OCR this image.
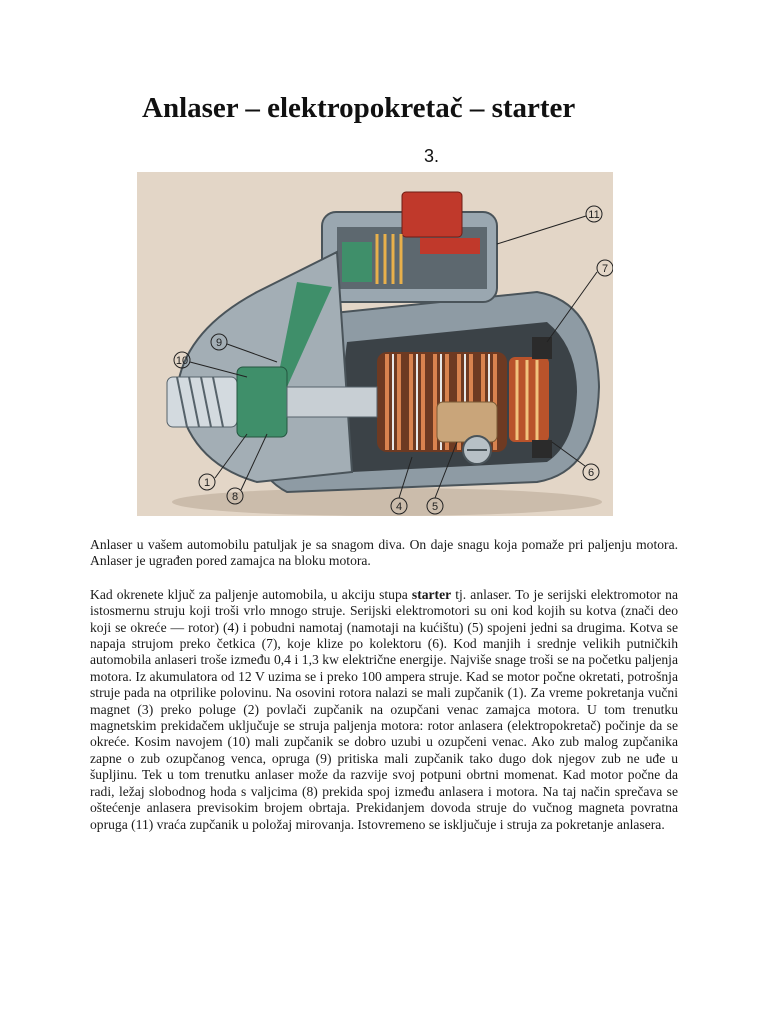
Anlaser – elektropokretač – starter
3.
11
7
9
10
1
8
4	5
6

Anlaser u vašem automobilu patuljak je sa snagom diva. On daje snagu koja pomaže pri paljenju motora. Anlaser je ugrađen pored zamajca na bloku motora.

Kad okrenete ključ za paljenje automobila, u akciju stupa starter tj. anlaser. To je serijski elektromotor na istosmernu struju koji troši vrlo mnogo struje. Serijski elektromotori su oni kod kojih su kotva (znači deo koji se okreće — rotor) (4) i pobudni namotaj (namotaji na kućištu) (5) spojeni jedni sa drugima. Kotva se napaja strujom preko četkica (7), koje klize po kolektoru (6). Kod manjih i srednje velikih putničkih automobila anlaseri troše između 0,4 i 1,3 kw električne energije. Najviše snage troši se na početku paljenja motora. Iz akumulatora od 12 V uzima se i preko 100 ampera struje. Kad se motor počne okretati, potrošnja struje pada na otprilike polovinu. Na osovini rotora nalazi se mali zupčanik (1). Za vreme pokretanja vučni magnet (3) preko poluge (2) povlači zupčanik na ozupčani venac zamajca motora. U tom trenutku magnetskim prekidačem uključuje se struja paljenja motora: rotor anlasera (elektropokretač) počinje da se okreće. Kosim navojem (10) mali zupčanik se dobro uzubi u ozupčeni venac. Ako zub malog zupčanika zapne o zub ozupčanog venca, opruga (9) pritiska mali zupčanik tako dugo dok njegov zub ne uđe u šupljinu. Tek u tom trenutku anlaser može da razvije svoj potpuni obrtni momenat. Kad motor počne da radi, ležaj slobodnog hoda s valjcima (8) prekida spoj između anlasera i motora. Na taj način sprečava se oštećenje anlasera previsokim brojem obrtaja. Prekidanjem dovoda struje do vučnog magneta povratna opruga (11) vraća zupčanik u položaj mirovanja. Istovremeno se isključuje i struja za pokretanje anlasera.
